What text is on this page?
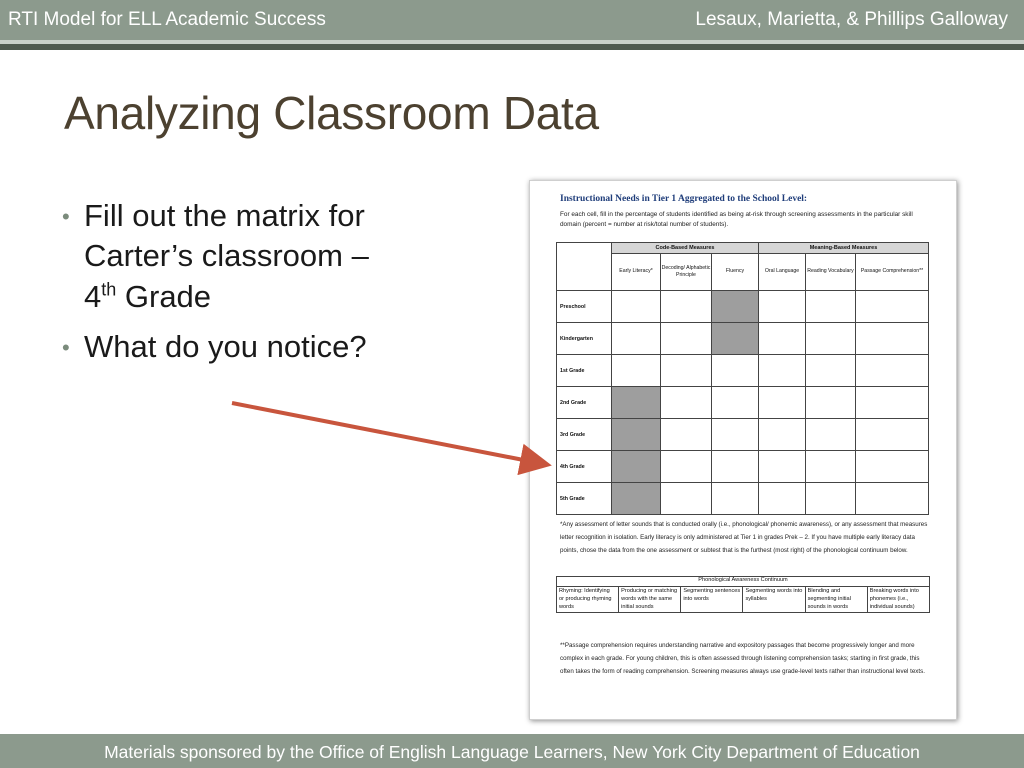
RTI Model for ELL Academic Success	Lesaux, Marietta, & Phillips Galloway
Analyzing Classroom Data
• Fill out the matrix for
Carter’s classroom –
4th Grade
• What do you notice?
Instructional Needs in Tier 1 Aggregated to the School Level:
For each cell, fill in the percentage of students identified as being at-risk through screening assessments in the particular skill domain (percent = number at risk/total number of students).
	Code-Based Measures			Meaning-Based Measures		
	Early Literacy*	Decoding/ Alphabetic Principle	Fluency	Oral Language	Reading Vocabulary	Passage Comprehension**
Preschool						
Kindergarten						
1st Grade						
2nd Grade						
3rd Grade						
4th Grade						
5th Grade						
*Any assessment of letter sounds that is conducted orally (i.e., phonological/ phonemic awareness), or any assessment that measures letter recognition in isolation. Early literacy is only administered at Tier 1 in grades Prek – 2. If you have multiple early literacy data points, chose the data from the one assessment or subtest that is the furthest (most right) of the phonological continuum below.
Phonological Awareness Continuum
Rhyming: Identifying or producing rhyming words	Producing or matching words with the same initial sounds	Segmenting sentences into words	Segmenting words into syllables	Blending and segmenting initial sounds in words	Breaking words into phonemes (i.e., individual sounds)
**Passage comprehension requires understanding narrative and expository passages that become progressively longer and more complex in each grade. For young children, this is often assessed through listening comprehension tasks; starting in first grade, this often takes the form of reading comprehension. Screening measures always use grade-level texts rather than instructional level texts.
Materials sponsored by the Office of English Language Learners, New York City Department of Education
